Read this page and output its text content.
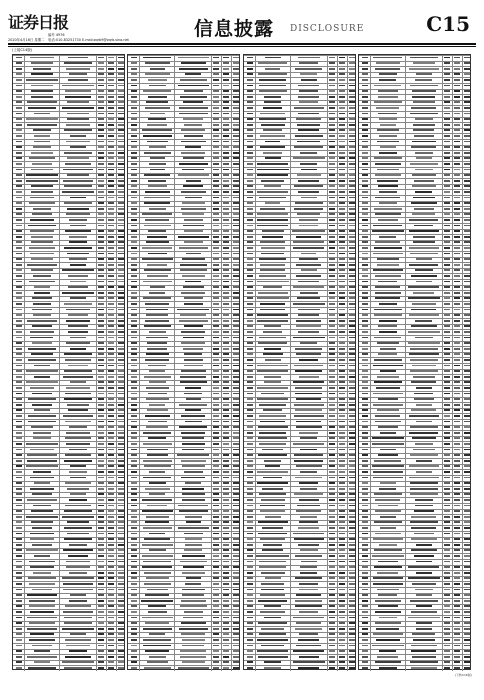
证券日报
编号 4976
2020年4月16日 星期二 电话:010-83251730 E-mail:zqrb9@zqrb.sina.net	信息披露 DISCLOSURE	C15
(上接C14版)
(下转C16版)
